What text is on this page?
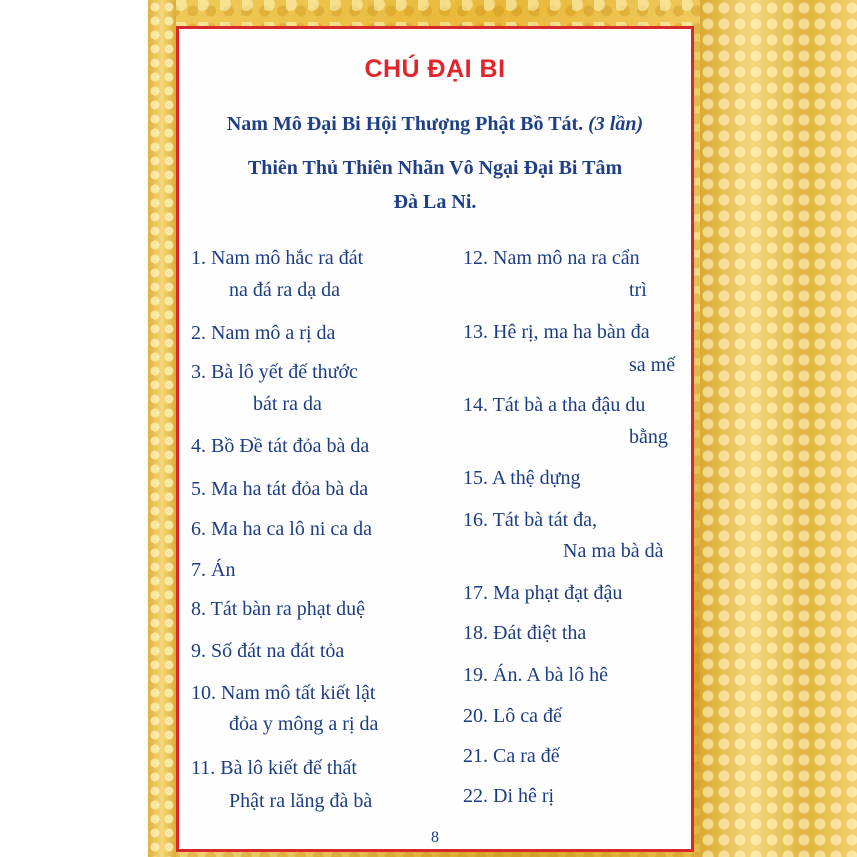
CHÚ ĐẠI BI
Nam Mô Đại Bi Hội Thượng Phật Bồ Tát. (3 lần)
Thiên Thủ Thiên Nhãn Vô Ngại Đại Bi Tâm
Đà La Ni.
1. Nam mô hắc ra đát
na đá ra dạ da
2. Nam mô a rị da
3. Bà lô yết đế thước
bát ra da
4. Bồ Đề tát đỏa bà da
5. Ma ha tát đỏa bà da
6. Ma ha ca lô ni ca da
7. Án
8. Tát bàn ra phạt duệ
9. Số đát na đát tỏa
10. Nam mô tất kiết lật
đỏa y mông a rị da
11. Bà lô kiết đế thất
Phật ra lăng đà bà
12. Nam mô na ra cẩn
trì
13. Hê rị, ma ha bàn đa
sa mế
14. Tát bà a tha đậu du
bằng
15. A thệ dựng
16. Tát bà tát đa,
Na ma bà dà
17. Ma phạt đạt đậu
18. Đát điệt tha
19. Án. A bà lô hê
20. Lô ca đế
21. Ca ra đế
22. Di hê rị
8
